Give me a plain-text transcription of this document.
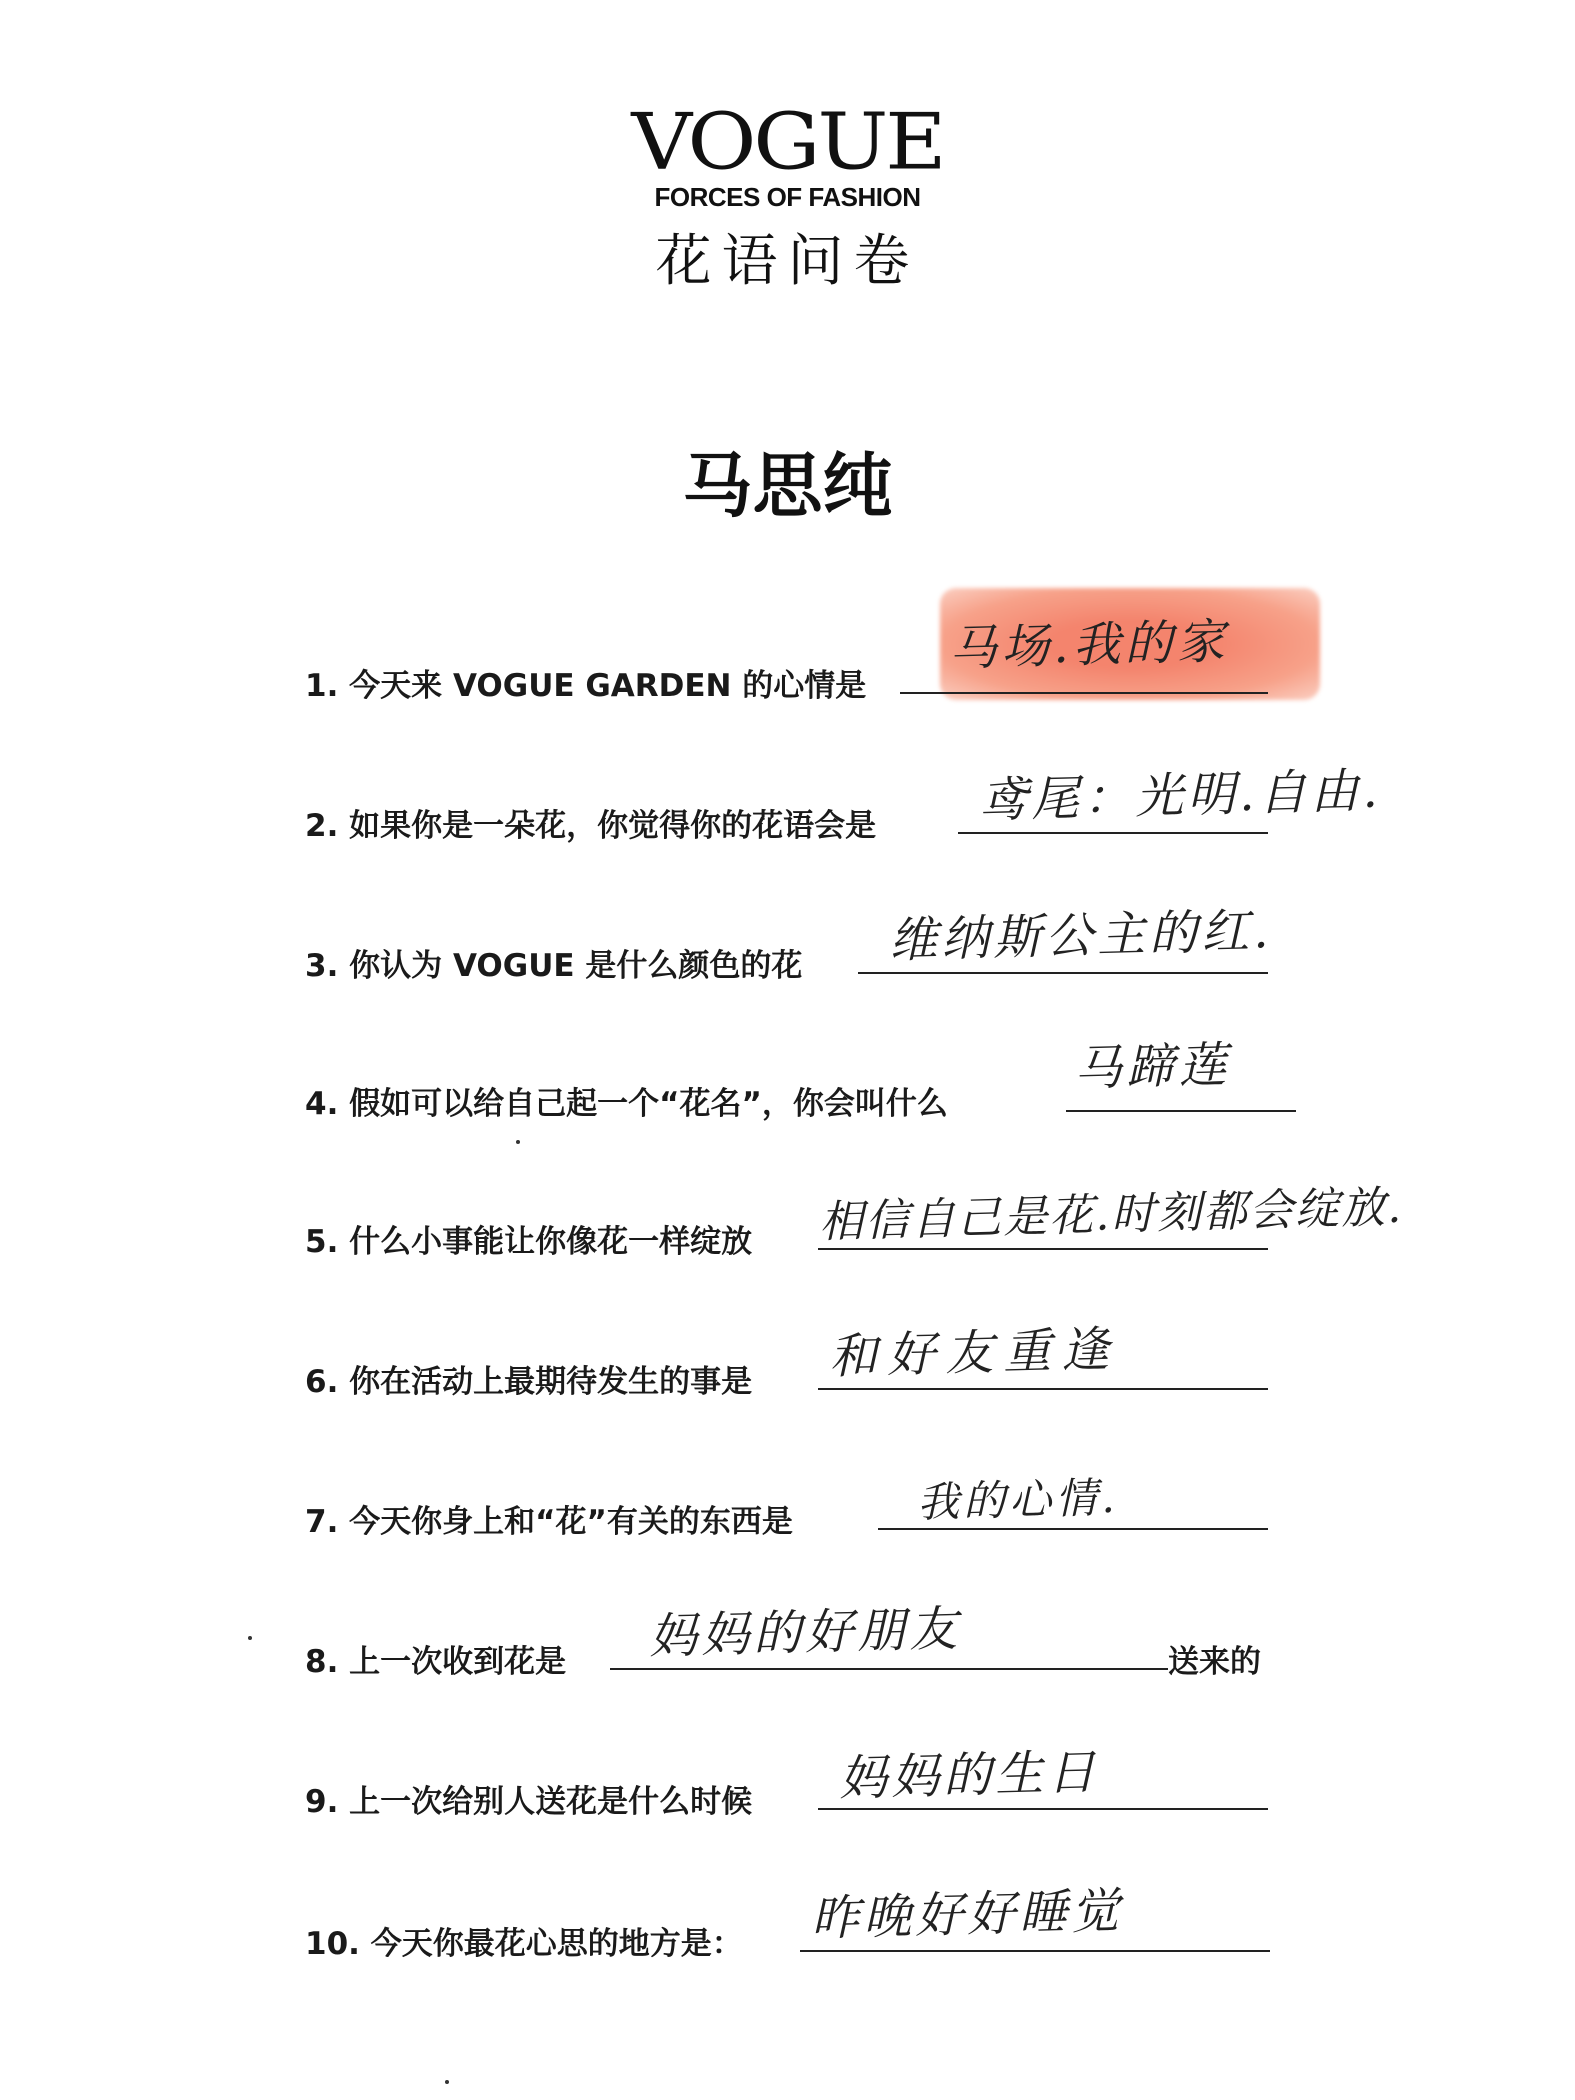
VOGUE
FORCES OF FASHION
花语问卷
马思纯
1. 今天来 VOGUE GARDEN 的心情是
马场.我的家
2. 如果你是一朵花，你觉得你的花语会是 鸢尾：光明.自由.
3. 你认为 VOGUE 是什么颜色的花 维纳斯公主的红.
4. 假如可以给自己起一个“花名”，你会叫什么
马蹄莲
5. 什么小事能让你像花一样绽放 相信自己是花.时刻都会绽放.
6. 你在活动上最期待发生的事是 和好友重逢
7. 今天你身上和“花”有关的东西是	我的心情.
8. 上一次收到花是 妈妈的好朋友	送来的
9. 上一次给别人送花是什么时候 妈妈的生日
10. 今天你最花心思的地方是： 昨晚好好睡觉
